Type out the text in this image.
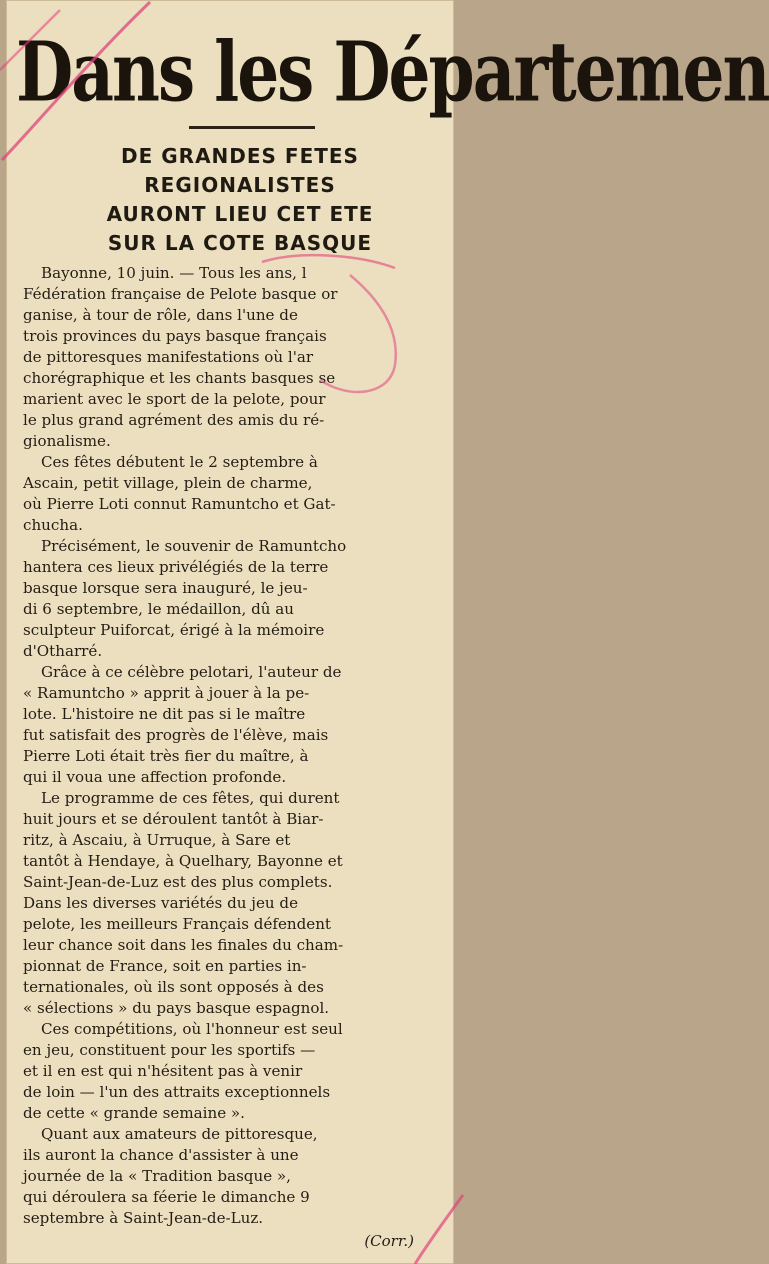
Dans les Départemen
DE GRANDES FETES
REGIONALISTES
AURONT LIEU CET ETE
SUR LA COTE BASQUE
Bayonne, 10 juin. — Tous les ans, l
Fédération française de Pelote basque or
ganise, à tour de rôle, dans l'une de
trois provinces du pays basque français
de pittoresques manifestations où l'ar
chorégraphique et les chants basques se
marient avec le sport de la pelote, pour
le plus grand agrément des amis du ré-
gionalisme.
Ces fêtes débutent le 2 septembre à
Ascain, petit village, plein de charme,
où Pierre Loti connut Ramuntcho et Gat-
chucha.
Précisément, le souvenir de Ramuntcho
hantera ces lieux privélégiés de la terre
basque lorsque sera inauguré, le jeu-
di 6 septembre, le médaillon, dû au
sculpteur Puiforcat, érigé à la mémoire
d'Otharré.
Grâce à ce célèbre pelotari, l'auteur de
« Ramuntcho » apprit à jouer à la pe-
lote. L'histoire ne dit pas si le maître
fut satisfait des progrès de l'élève, mais
Pierre Loti était très fier du maître, à
qui il voua une affection profonde.
Le programme de ces fêtes, qui durent
huit jours et se déroulent tantôt à Biar-
ritz, à Ascaiu, à Urruque, à Sare et
tantôt à Hendaye, à Quelhary, Bayonne et
Saint-Jean-de-Luz est des plus complets.
Dans les diverses variétés du jeu de
pelote, les meilleurs Français défendent
leur chance soit dans les finales du cham-
pionnat de France, soit en parties in-
ternationales, où ils sont opposés à des
« sélections » du pays basque espagnol.
Ces compétitions, où l'honneur est seul
en jeu, constituent pour les sportifs —
et il en est qui n'hésitent pas à venir
de loin — l'un des attraits exceptionnels
de cette « grande semaine ».
Quant aux amateurs de pittoresque,
ils auront la chance d'assister à une
journée de la « Tradition basque »,
qui déroulera sa féerie le dimanche 9
septembre à Saint-Jean-de-Luz.
(Corr.)
